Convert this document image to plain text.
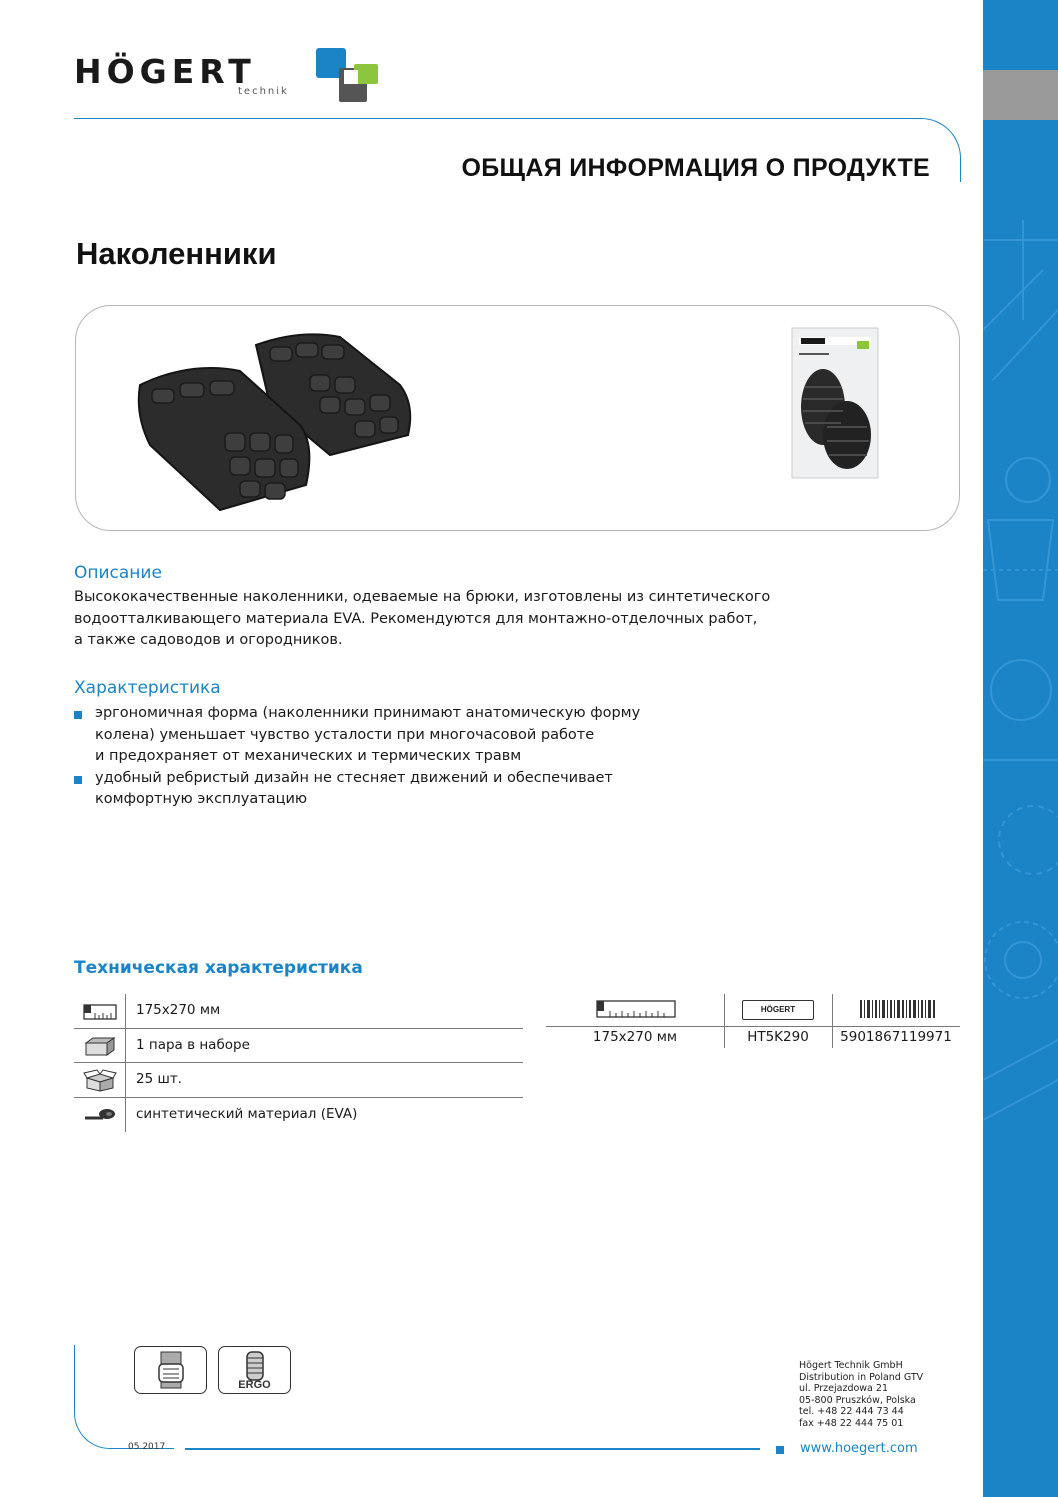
HÖGERT
technik
ОБЩАЯ ИНФОРМАЦИЯ О ПРОДУКТЕ
Наколенники
Описание
Высококачественные наколенники, одеваемые на брюки, изготовлены из синтетического
водоотталкивающего материала EVA. Рекомендуются для монтажно-отделочных работ,
а также садоводов и огородников.
Характеристика
эргономичная форма (наколенники принимают анатомическую форму
колена) уменьшает чувство усталости при многочасовой работе
и предохраняет от механических и термических травм
удобный ребристый дизайн не стесняет движений и обеспечивает
комфортную эксплуатацию
Техническая характеристика
175x270 мм
1 пара в наборе
25 шт.
синтетический материал (EVA)
HÖGERT
175x270 мм	HT5K290	5901867119971
05.2017
ERGO
Högert Technik GmbH
Distribution in Poland GTV
ul. Przejazdowa 21
05-800 Pruszków, Polska
tel. +48 22 444 73 44
fax +48 22 444 75 01
www.hoegert.com
